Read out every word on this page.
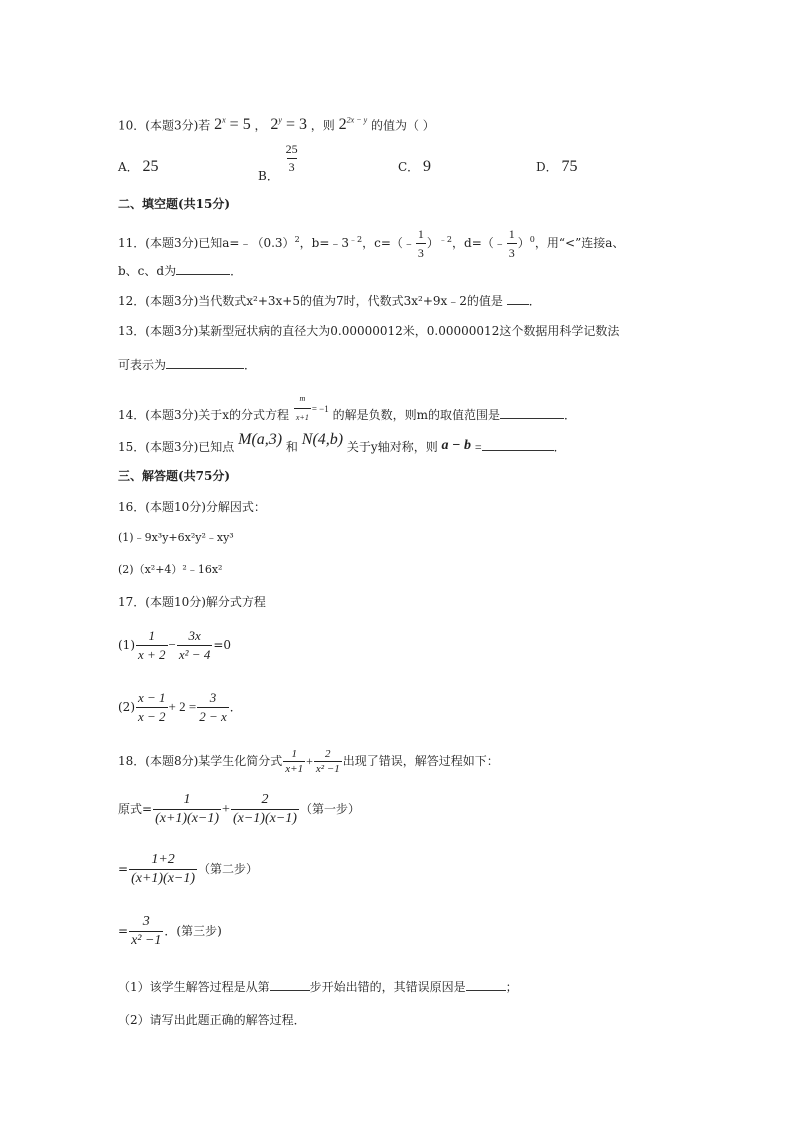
10．(本题3分)若 $2^x = 5$ ， $2^y = 3$ ，则 $2^{2x - y}$ 的值为（ ）
A． 25
B．
$\frac{25}{3}$	C． 9	D． 75
二、填空题(共15分)
11．(本题3分)已知$a=﹣(0.3)^2$，$b=﹣3^{﹣2}$，c=（﹣ $\frac{1}{3} )^{﹣2}$，d=（﹣ $\frac{1}{3} )^0$，用“<”连接a、
b、c、d为	．
12．(本题3分)当代数式x²+3x+5的值为7时，代数式3x²+9x﹣2的值是 ．
13．(本题3分)某新型冠状病的直径大为0.00000012米，0.00000012这个数据用科学记数法
可表示为	．
14．(本题3分)关于x的分式方程 $\frac{m}{x+1} ^{= -1}$ 的解是负数，则m的取值范围是	．
15．(本题3分)已知点 M(a,3) 和 N(4,b) 关于y轴对称，则 a − b =	．
三、解答题(共75分)
16．(本题10分)分解因式：
(1)﹣9x³y+6x²y²﹣xy³
(2)（x²+4）²﹣16x²
17．(本题10分)解分式方程
$(1) \frac{1}{x + 2} - \frac{3x}{\text{x² − 4}} =0$
$(2) \frac{x - 1}{x - 2} + 2 = \frac{3}{2 - x}$ ．
18．(本题8分)某学生化简分式 $\frac{1}{x+1} + \frac{2}{\text{x² −1}}$ 出现了错误，解答过程如下：
原式= $\frac{1}{(x+1)(x-1)} + \frac{2}{(x-1)(x-1)}$ （第一步）
= $\frac{1+2}{(x+1)(x-1)}$ （第二步）
= $\frac{3}{\text{x² −1}}$ ．(第三步)
（1）该学生解答过程是从第	步开始出错的，其错误原因是	；
（2）请写出此题正确的解答过程．
